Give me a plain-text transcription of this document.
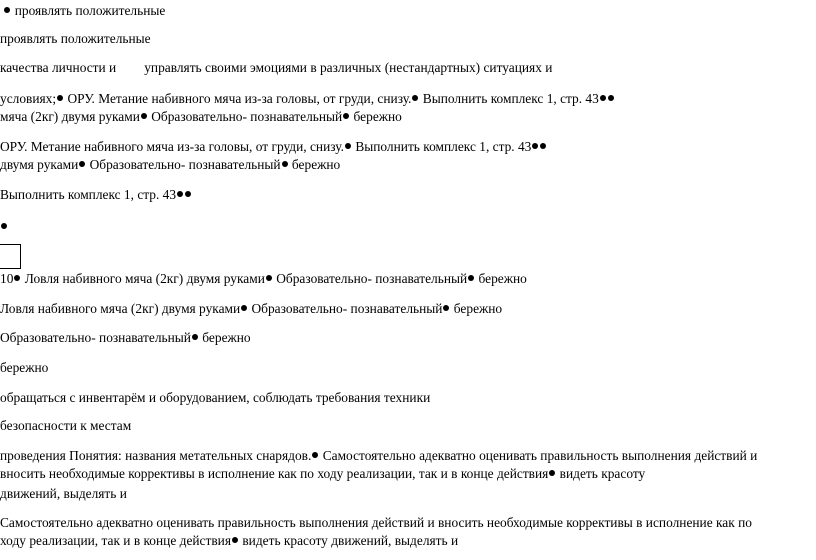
проявлять положительные
проявлять положительные
качества личности и управлять своими эмоциями в различных (нестандартных) ситуациях и
условиях; ОРУ. Метание набивного мяча из-за головы, от груди, снизу. Выполнить комплекс 1, стр. 43
мяча (2кг) двумя руками Образовательно- познавательный бережно
ОРУ. Метание набивного мяча из-за головы, от груди, снизу. Выполнить комплекс 1, стр. 43
двумя руками Образовательно- познавательный бережно
Выполнить комплекс 1, стр. 43
10 Ловля набивного мяча (2кг) двумя руками Образовательно- познавательный бережно
Ловля набивного мяча (2кг) двумя руками Образовательно- познавательный бережно
Образовательно- познавательный бережно
бережно
обращаться с инвентарём и оборудованием, соблюдать требования техники
безопасности к местам
проведения Понятия: названия метательных снарядов. Самостоятельно адекватно оценивать правильность выполнения действий и
вносить необходимые коррективы в исполнение как по ходу реализации, так и в конце действия видеть красоту
движений, выделять и
Самостоятельно адекватно оценивать правильность выполнения действий и вносить необходимые коррективы в исполнение как по
ходу реализации, так и в конце действия видеть красоту движений, выделять и
